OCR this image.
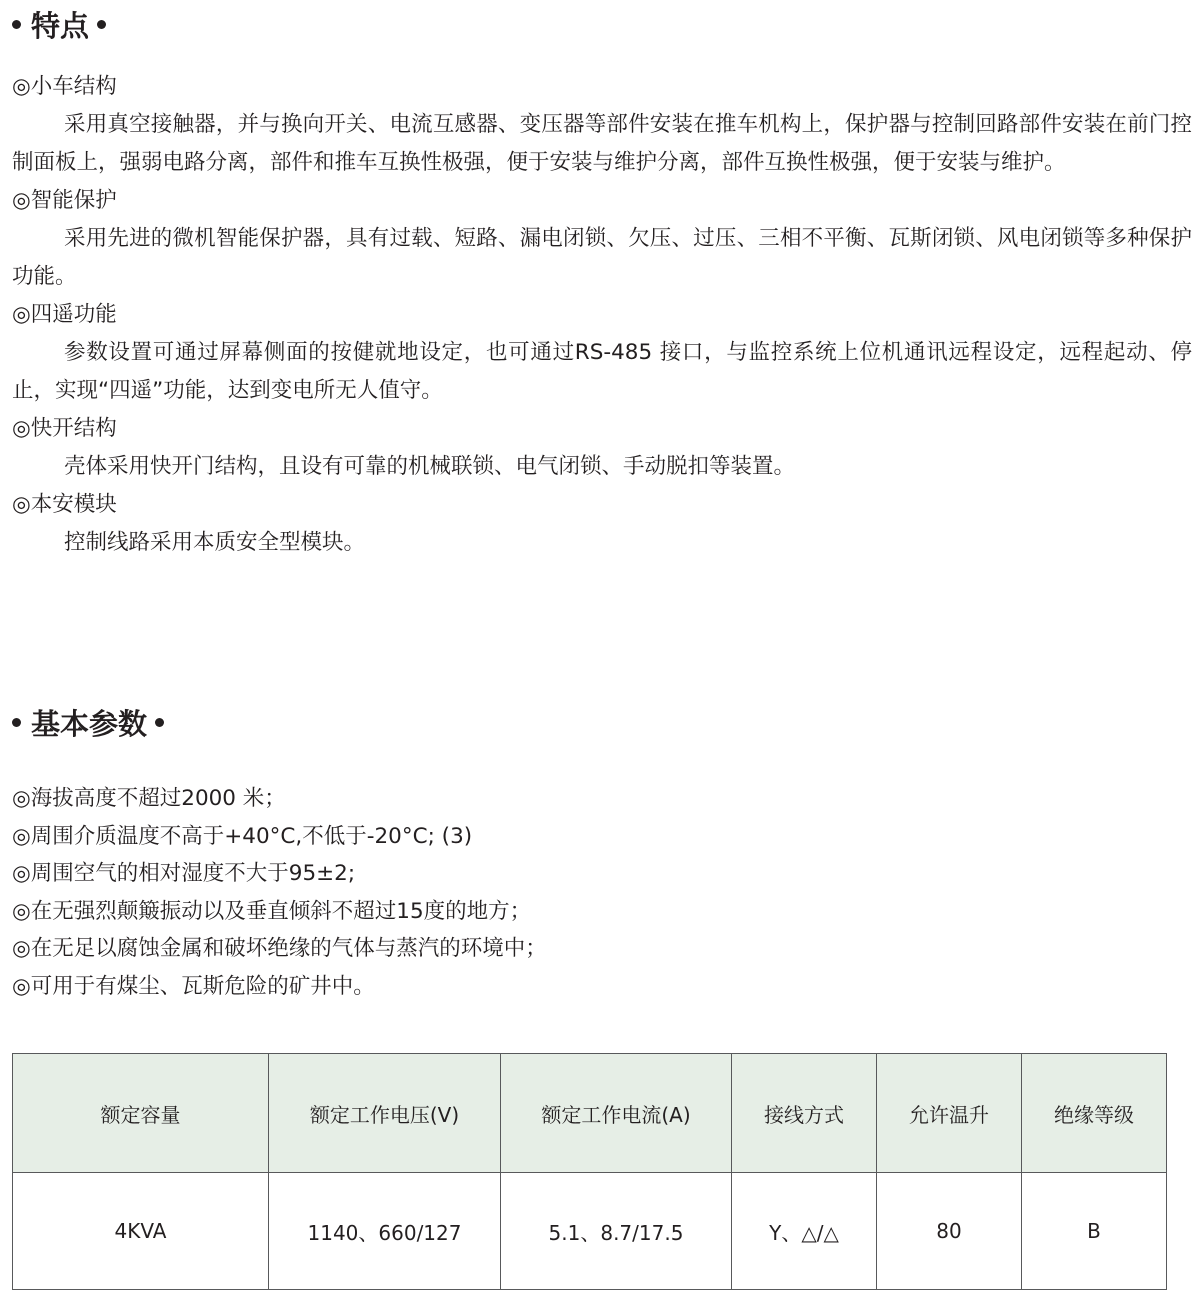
特点
◎小车结构

采用真空接触器，并与换向开关、电流互感器、变压器等部件安装在推车机构上，保护器与控制回路部件安装在前门控制面板上，强弱电路分离，部件和推车互换性极强，便于安装与维护分离，部件互换性极强，便于安装与维护。

◎智能保护

采用先进的微机智能保护器，具有过载、短路、漏电闭锁、欠压、过压、三相不平衡、瓦斯闭锁、风电闭锁等多种保护功能。

◎四遥功能

参数设置可通过屏幕侧面的按健就地设定，也可通过RS-485 接口，与监控系统上位机通讯远程设定，远程起动、停止，实现“四遥”功能，达到变电所无人值守。

◎快开结构

壳体采用快开门结构，且设有可靠的机械联锁、电气闭锁、手动脱扣等装置。

◎本安模块

控制线路采用本质安全型模块。

基本参数
◎海拔高度不超过2000 米；
◎周围介质温度不高于+40°C,不低于-20°C; (3)
◎周围空气的相对湿度不大于95±2;
◎在无强烈颠簸振动以及垂直倾斜不超过15度的地方；
◎在无足以腐蚀金属和破坏绝缘的气体与蒸汽的环境中；
◎可用于有煤尘、瓦斯危险的矿井中。
额定容量	额定工作电压(V)	额定工作电流(A)	接线方式	允许温升	绝缘等级
4KVA	1140、660/127	5.1、8.7/17.5	Y、△/△	80	B
